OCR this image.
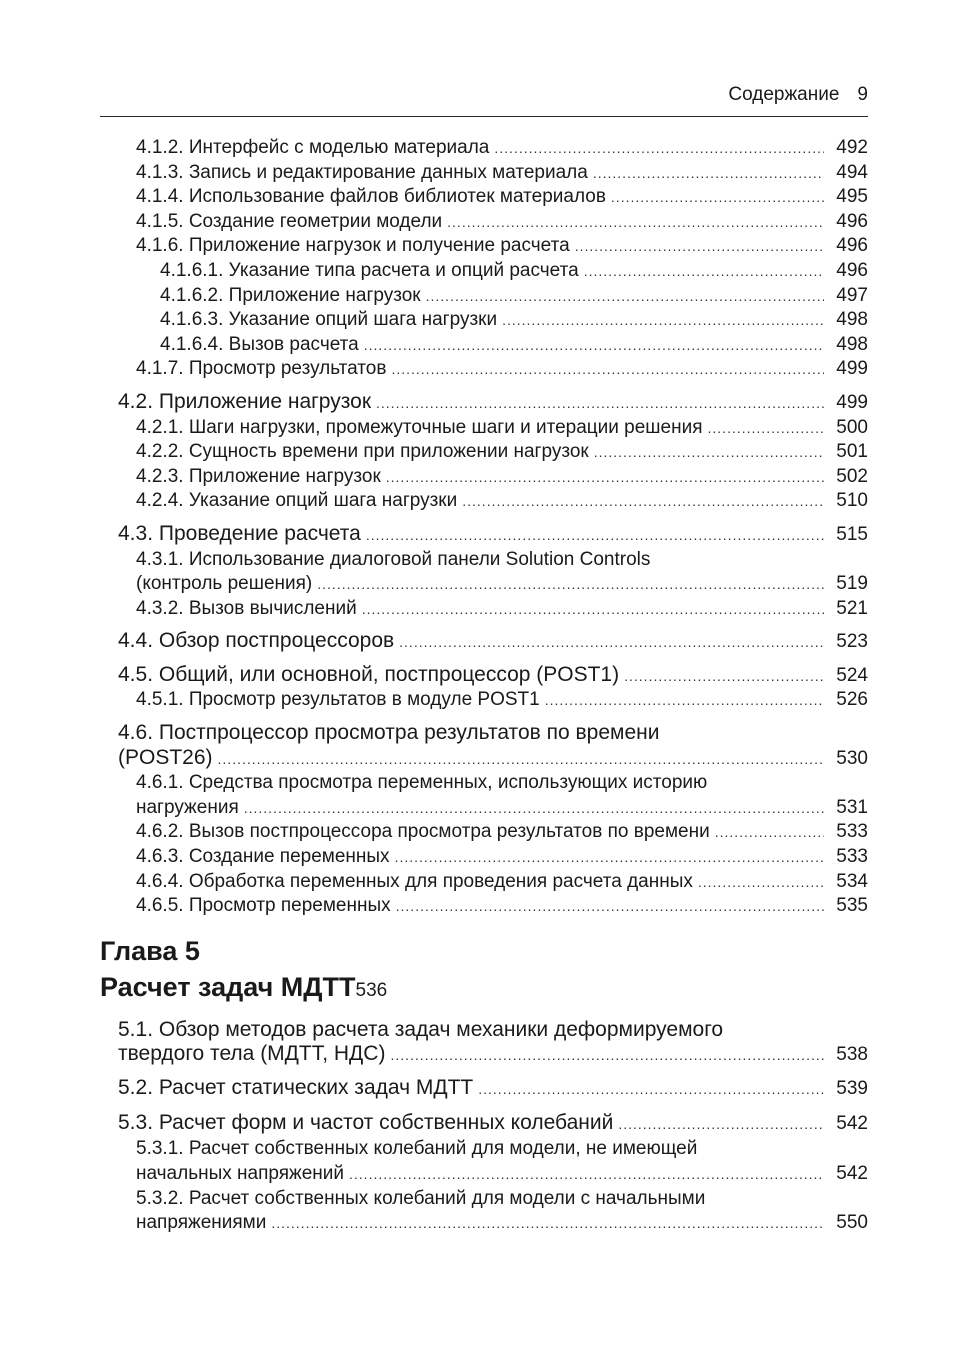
Содержание 9
4.1.2. Интерфейс с моделью материала .....	492
4.1.3. Запись и редактирование данных материала .....	494
4.1.4. Использование файлов библиотек материалов .....	495
4.1.5. Создание геометрии модели .....	496
4.1.6. Приложение нагрузок и получение расчета .....	496
4.1.6.1. Указание типа расчета и опций расчета .....	496
4.1.6.2. Приложение нагрузок .....	497
4.1.6.3. Указание опций шага нагрузки .....	498
4.1.6.4. Вызов расчета .....	498
4.1.7. Просмотр результатов .....	499
4.2. Приложение нагрузок .....	499
4.2.1. Шаги нагрузки, промежуточные шаги и итерации решения .....	500
4.2.2. Сущность времени при приложении нагрузок .....	501
4.2.3. Приложение нагрузок .....	502
4.2.4. Указание опций шага нагрузки .....	510
4.3. Проведение расчета .....	515
4.3.1. Использование диалоговой панели Solution Controls
(контроль решения) .....	519
4.3.2. Вызов вычислений .....	521
4.4. Обзор постпроцессоров .....	523
4.5. Общий, или основной, постпроцессор (POST1) .....	524
4.5.1. Просмотр результатов в модуле POST1 .....	526
4.6. Постпроцессор просмотра результатов по времени
(POST26) .....	530
4.6.1. Средства просмотра переменных, использующих историю
нагружения .....	531
4.6.2. Вызов постпроцессора просмотра результатов по времени .....	533
4.6.3. Создание переменных .....	533
4.6.4. Обработка переменных для проведения расчета данных .....	534
4.6.5. Просмотр переменных .....	535
Глава 5
Расчет задач МДТТ 536
5.1. Обзор методов расчета задач механики деформируемого
твердого тела (МДТТ, НДС) .....	538
5.2. Расчет статических задач МДТТ .....	539
5.3. Расчет форм и частот собственных колебаний .....	542
5.3.1. Расчет собственных колебаний для модели, не имеющей
начальных напряжений .....	542
5.3.2. Расчет собственных колебаний для модели с начальными
напряжениями .....	550
